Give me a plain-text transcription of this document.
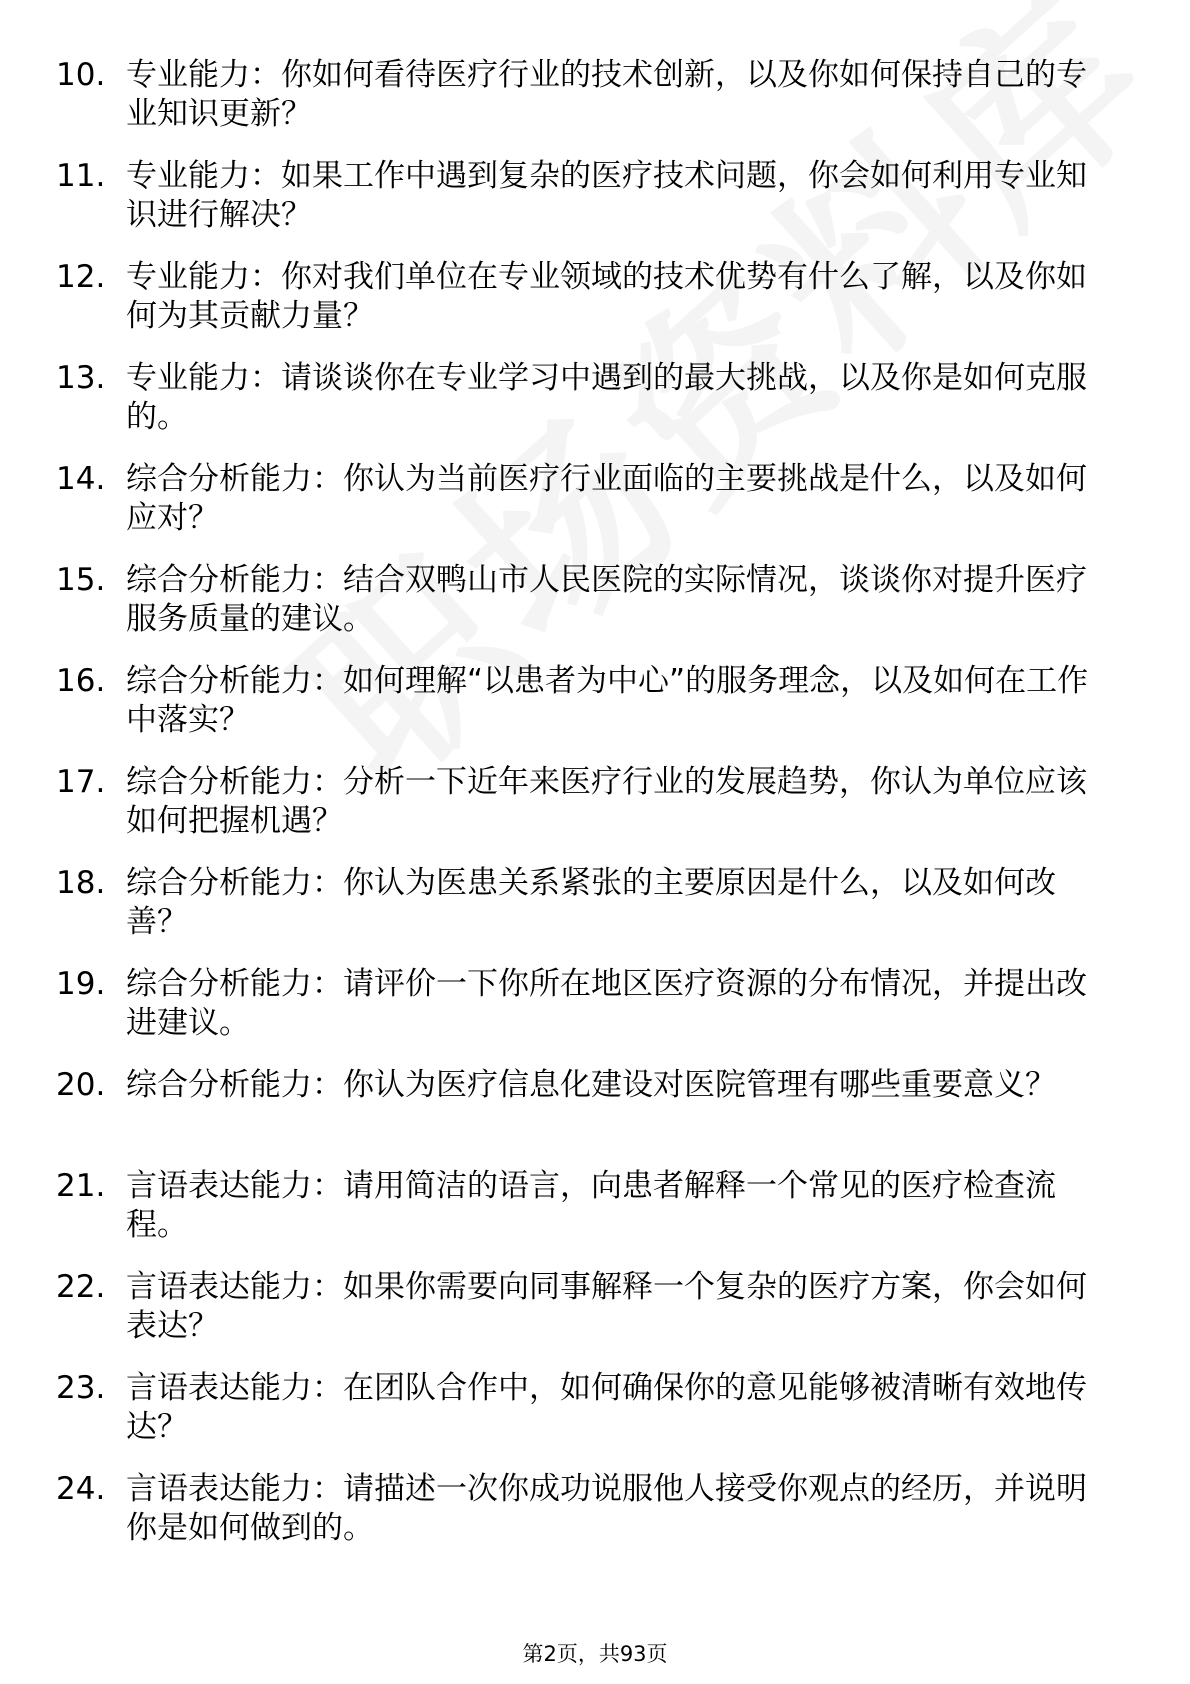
10. 专业能力：你如何看待医疗行业的技术创新，以及你如何保持自己的专业知识更新？
11. 专业能力：如果工作中遇到复杂的医疗技术问题，你会如何利用专业知识进行解决？
12. 专业能力：你对我们单位在专业领域的技术优势有什么了解，以及你如何为其贡献力量？
13. 专业能力：请谈谈你在专业学习中遇到的最大挑战，以及你是如何克服的。
14. 综合分析能力：你认为当前医疗行业面临的主要挑战是什么，以及如何应对？
15. 综合分析能力：结合双鸭山市人民医院的实际情况，谈谈你对提升医疗服务质量的建议。
16. 综合分析能力：如何理解“以患者为中心”的服务理念，以及如何在工作中落实？
17. 综合分析能力：分析一下近年来医疗行业的发展趋势，你认为单位应该如何把握机遇？
18. 综合分析能力：你认为医患关系紧张的主要原因是什么，以及如何改善？
19. 综合分析能力：请评价一下你所在地区医疗资源的分布情况，并提出改进建议。
20. 综合分析能力：你认为医疗信息化建设对医院管理有哪些重要意义？
21. 言语表达能力：请用简洁的语言，向患者解释一个常见的医疗检查流程。
22. 言语表达能力：如果你需要向同事解释一个复杂的医疗方案，你会如何表达？
23. 言语表达能力：在团队合作中，如何确保你的意见能够被清晰有效地传达？
24. 言语表达能力：请描述一次你成功说服他人接受你观点的经历，并说明你是如何做到的。
第2页，共93页
